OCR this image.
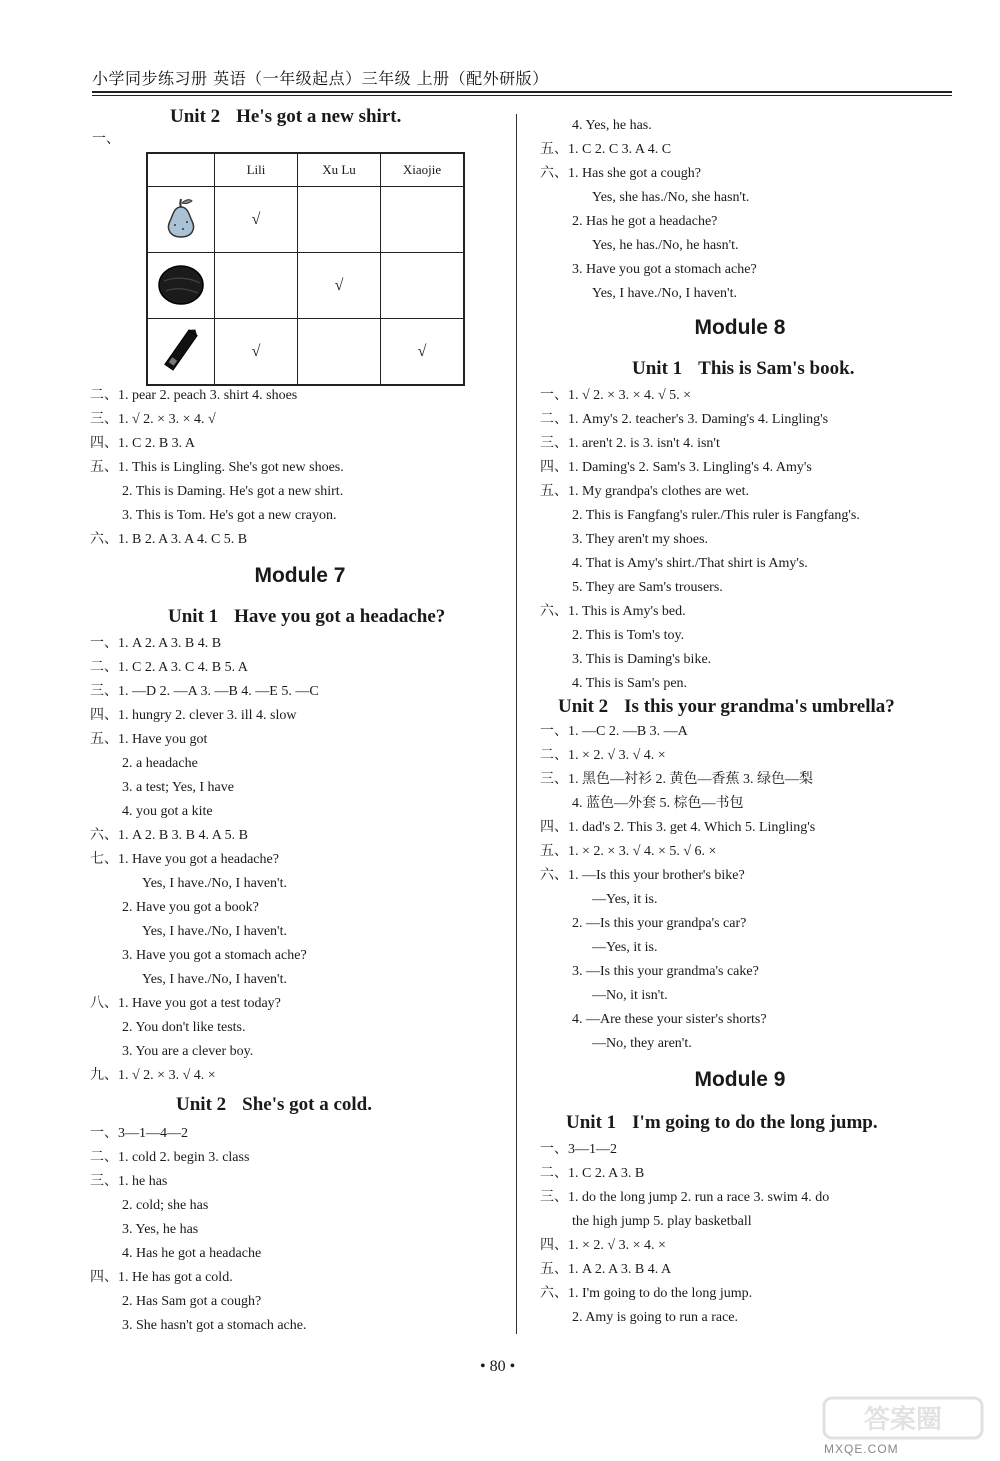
小学同步练习册 英语（一年级起点）三年级 上册（配外研版）
Unit 2 He's got a new shirt.
一、
	Lili	Xu Lu	Xiaojie
	√		
		√	
	√		√
二、1. pear 2. peach 3. shirt 4. shoes
三、1. √ 2. × 3. × 4. √
四、1. C 2. B 3. A
五、1. This is Lingling. She's got new shoes.
2. This is Daming. He's got a new shirt.
3. This is Tom. He's got a new crayon.
六、1. B 2. A 3. A 4. C 5. B
Module 7
Unit 1 Have you got a headache?
一、1. A 2. A 3. B 4. B
二、1. C 2. A 3. C 4. B 5. A
三、1. —D 2. —A 3. —B 4. —E 5. —C
四、1. hungry 2. clever 3. ill 4. slow
五、1. Have you got
2. a headache
3. a test; Yes, I have
4. you got a kite
六、1. A 2. B 3. B 4. A 5. B
七、1. Have you got a headache?
Yes, I have./No, I haven't.
2. Have you got a book?
Yes, I have./No, I haven't.
3. Have you got a stomach ache?
Yes, I have./No, I haven't.
八、1. Have you got a test today?
2. You don't like tests.
3. You are a clever boy.
九、1. √ 2. × 3. √ 4. ×
Unit 2 She's got a cold.
一、3—1—4—2
二、1. cold 2. begin 3. class
三、1. he has
2. cold; she has
3. Yes, he has
4. Has he got a headache
四、1. He has got a cold.
2. Has Sam got a cough?
3. She hasn't got a stomach ache.
4. Yes, he has.
五、1. C 2. C 3. A 4. C
六、1. Has she got a cough?
Yes, she has./No, she hasn't.
2. Has he got a headache?
Yes, he has./No, he hasn't.
3. Have you got a stomach ache?
Yes, I have./No, I haven't.
Module 8
Unit 1 This is Sam's book.
一、1. √ 2. × 3. × 4. √ 5. ×
二、1. Amy's 2. teacher's 3. Daming's 4. Lingling's
三、1. aren't 2. is 3. isn't 4. isn't
四、1. Daming's 2. Sam's 3. Lingling's 4. Amy's
五、1. My grandpa's clothes are wet.
2. This is Fangfang's ruler./This ruler is Fangfang's.
3. They aren't my shoes.
4. That is Amy's shirt./That shirt is Amy's.
5. They are Sam's trousers.
六、1. This is Amy's bed.
2. This is Tom's toy.
3. This is Daming's bike.
4. This is Sam's pen.
Unit 2 Is this your grandma's umbrella?
一、1. —C 2. —B 3. —A
二、1. × 2. √ 3. √ 4. ×
三、1. 黑色—衬衫 2. 黄色—香蕉 3. 绿色—梨
4. 蓝色—外套 5. 棕色—书包
四、1. dad's 2. This 3. get 4. Which 5. Lingling's
五、1. × 2. × 3. √ 4. × 5. √ 6. ×
六、1. —Is this your brother's bike?
—Yes, it is.
2. —Is this your grandpa's car?
—Yes, it is.
3. —Is this your grandma's cake?
—No, it isn't.
4. —Are these your sister's shorts?
—No, they aren't.
Module 9
Unit 1 I'm going to do the long jump.
一、3—1—2
二、1. C 2. A 3. B
三、1. do the long jump 2. run a race 3. swim 4. do
the high jump 5. play basketball
四、1. × 2. √ 3. × 4. ×
五、1. A 2. A 3. B 4. A
六、1. I'm going to do the long jump.
2. Amy is going to run a race.
• 80 •
答案圈
MXQE.COM
